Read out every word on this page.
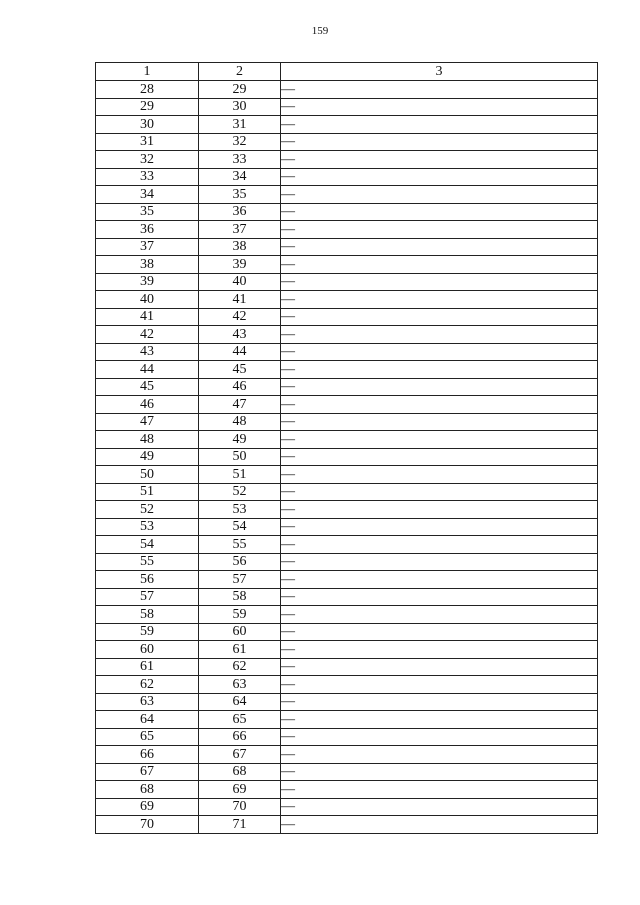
159
1	2	3
28	29	—
29	30	—
30	31	—
31	32	—
32	33	—
33	34	—
34	35	—
35	36	—
36	37	—
37	38	—
38	39	—
39	40	—
40	41	—
41	42	—
42	43	—
43	44	—
44	45	—
45	46	—
46	47	—
47	48	—
48	49	—
49	50	—
50	51	—
51	52	—
52	53	—
53	54	—
54	55	—
55	56	—
56	57	—
57	58	—
58	59	—
59	60	—
60	61	—
61	62	—
62	63	—
63	64	—
64	65	—
65	66	—
66	67	—
67	68	—
68	69	—
69	70	—
70	71	—
